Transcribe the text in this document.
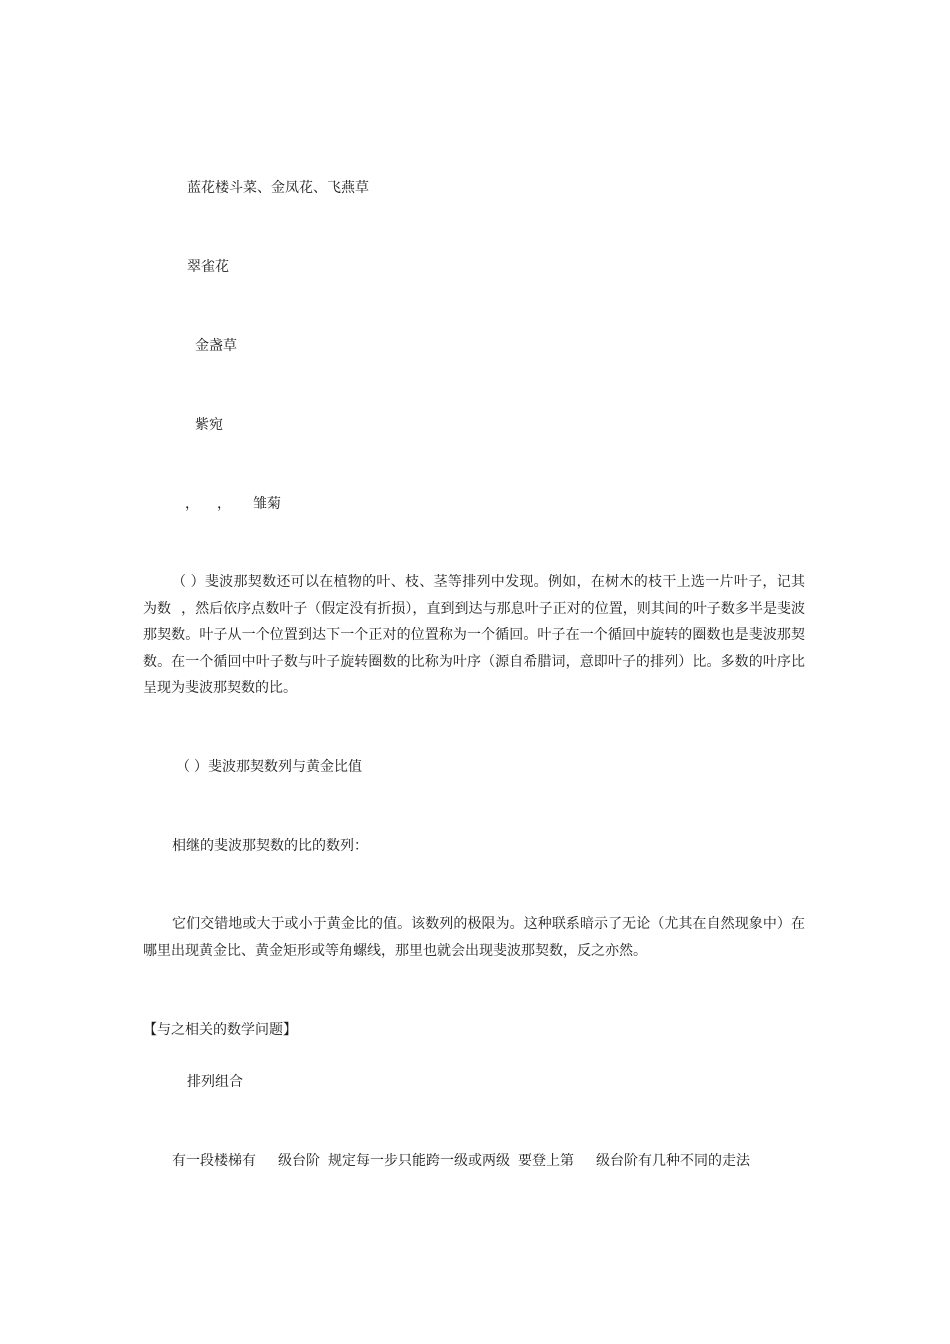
蓝花楼斗菜、金凤花、飞燕草
翠雀花
金盏草
紫宛
， ， 雏菊
（ ）斐波那契数还可以在植物的叶、枝、茎等排列中发现。例如，在树木的枝干上选一片叶子，记其为数 ，然后依序点数叶子（假定没有折损），直到到达与那息叶子正对的位置，则其间的叶子数多半是斐波那契数。叶子从一个位置到达下一个正对的位置称为一个循回。叶子在一个循回中旋转的圈数也是斐波那契数。在一个循回中叶子数与叶子旋转圈数的比称为叶序（源自希腊词，意即叶子的排列）比。多数的叶序比呈现为斐波那契数的比。
（ ）斐波那契数列与黄金比值
相继的斐波那契数的比的数列：
它们交错地或大于或小于黄金比的值。该数列的极限为。这种联系暗示了无论（尤其在自然现象中）在哪里出现黄金比、黄金矩形或等角螺线，那里也就会出现斐波那契数，反之亦然。
【与之相关的数学问题】
排列组合
有一段楼梯有 级台阶 规定每一步只能跨一级或两级 要登上第 级台阶有几种不同的走法
